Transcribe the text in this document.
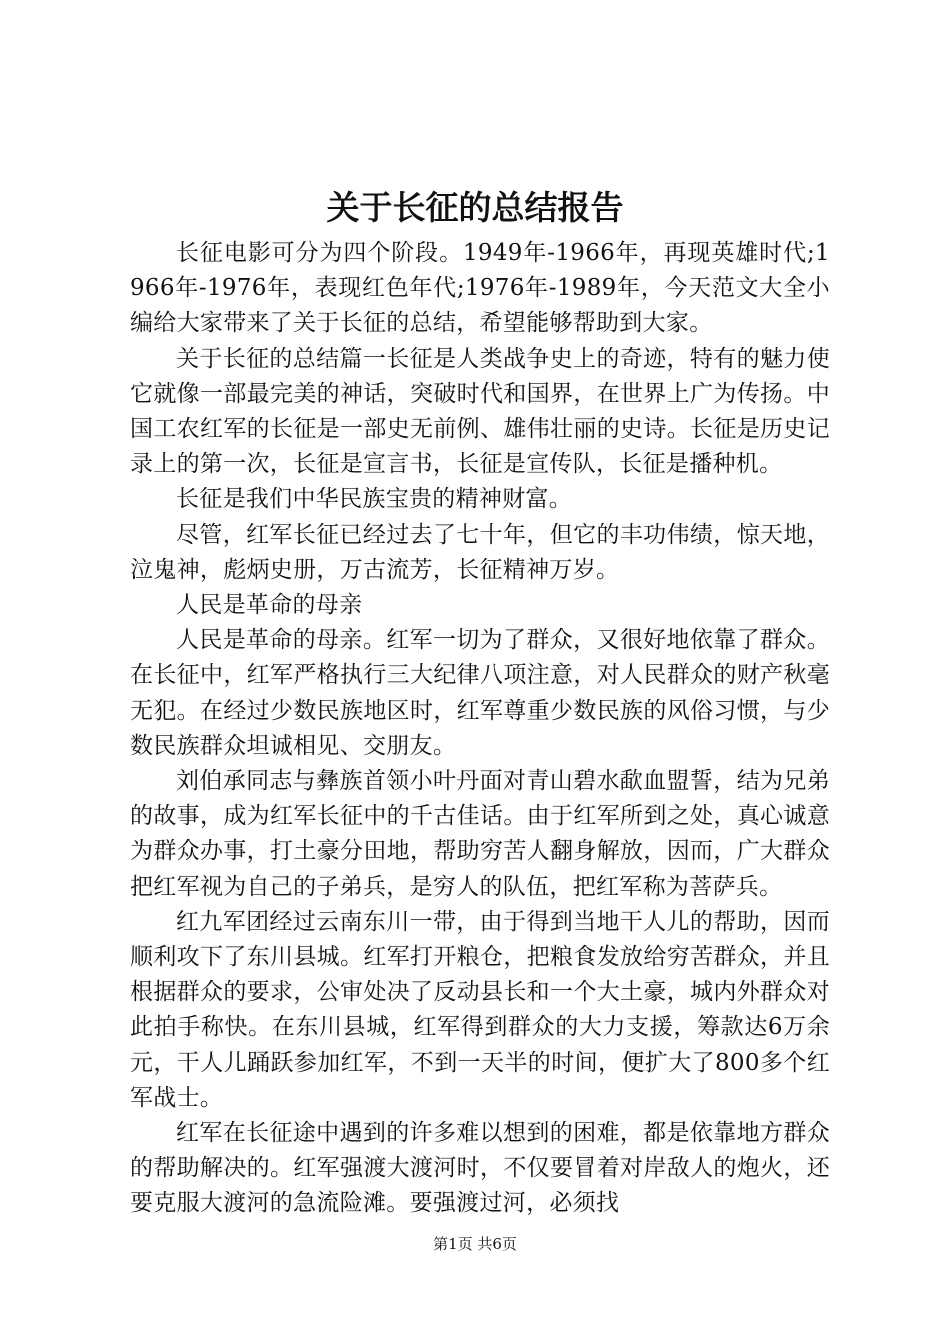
关于长征的总结报告

长征电影可分为四个阶段。1949年-1966年，再现英雄时代;1966年-1976年，表现红色年代;1976年-1989年，今天范文大全小编给大家带来了关于长征的总结，希望能够帮助到大家。

关于长征的总结篇一长征是人类战争史上的奇迹，特有的魅力使它就像一部最完美的神话，突破时代和国界，在世界上广为传扬。中国工农红军的长征是一部史无前例、雄伟壮丽的史诗。长征是历史记录上的第一次，长征是宣言书，长征是宣传队，长征是播种机。

长征是我们中华民族宝贵的精神财富。

尽管，红军长征已经过去了七十年，但它的丰功伟绩，惊天地，泣鬼神，彪炳史册，万古流芳，长征精神万岁。

人民是革命的母亲

人民是革命的母亲。红军一切为了群众，又很好地依靠了群众。在长征中，红军严格执行三大纪律八项注意，对人民群众的财产秋毫无犯。在经过少数民族地区时，红军尊重少数民族的风俗习惯，与少数民族群众坦诚相见、交朋友。

刘伯承同志与彝族首领小叶丹面对青山碧水歃血盟誓，结为兄弟的故事，成为红军长征中的千古佳话。由于红军所到之处，真心诚意为群众办事，打土豪分田地，帮助穷苦人翻身解放，因而，广大群众把红军视为自己的子弟兵，是穷人的队伍，把红军称为菩萨兵。

红九军团经过云南东川一带，由于得到当地干人儿的帮助，因而顺利攻下了东川县城。红军打开粮仓，把粮食发放给穷苦群众，并且根据群众的要求，公审处决了反动县长和一个大土豪，城内外群众对此拍手称快。在东川县城，红军得到群众的大力支援，筹款达6万余元，干人儿踊跃参加红军，不到一天半的时间，便扩大了800多个红军战士。

红军在长征途中遇到的许多难以想到的困难，都是依靠地方群众的帮助解决的。红军强渡大渡河时，不仅要冒着对岸敌人的炮火，还要克服大渡河的急流险滩。要强渡过河，必须找

第1页 共6页
